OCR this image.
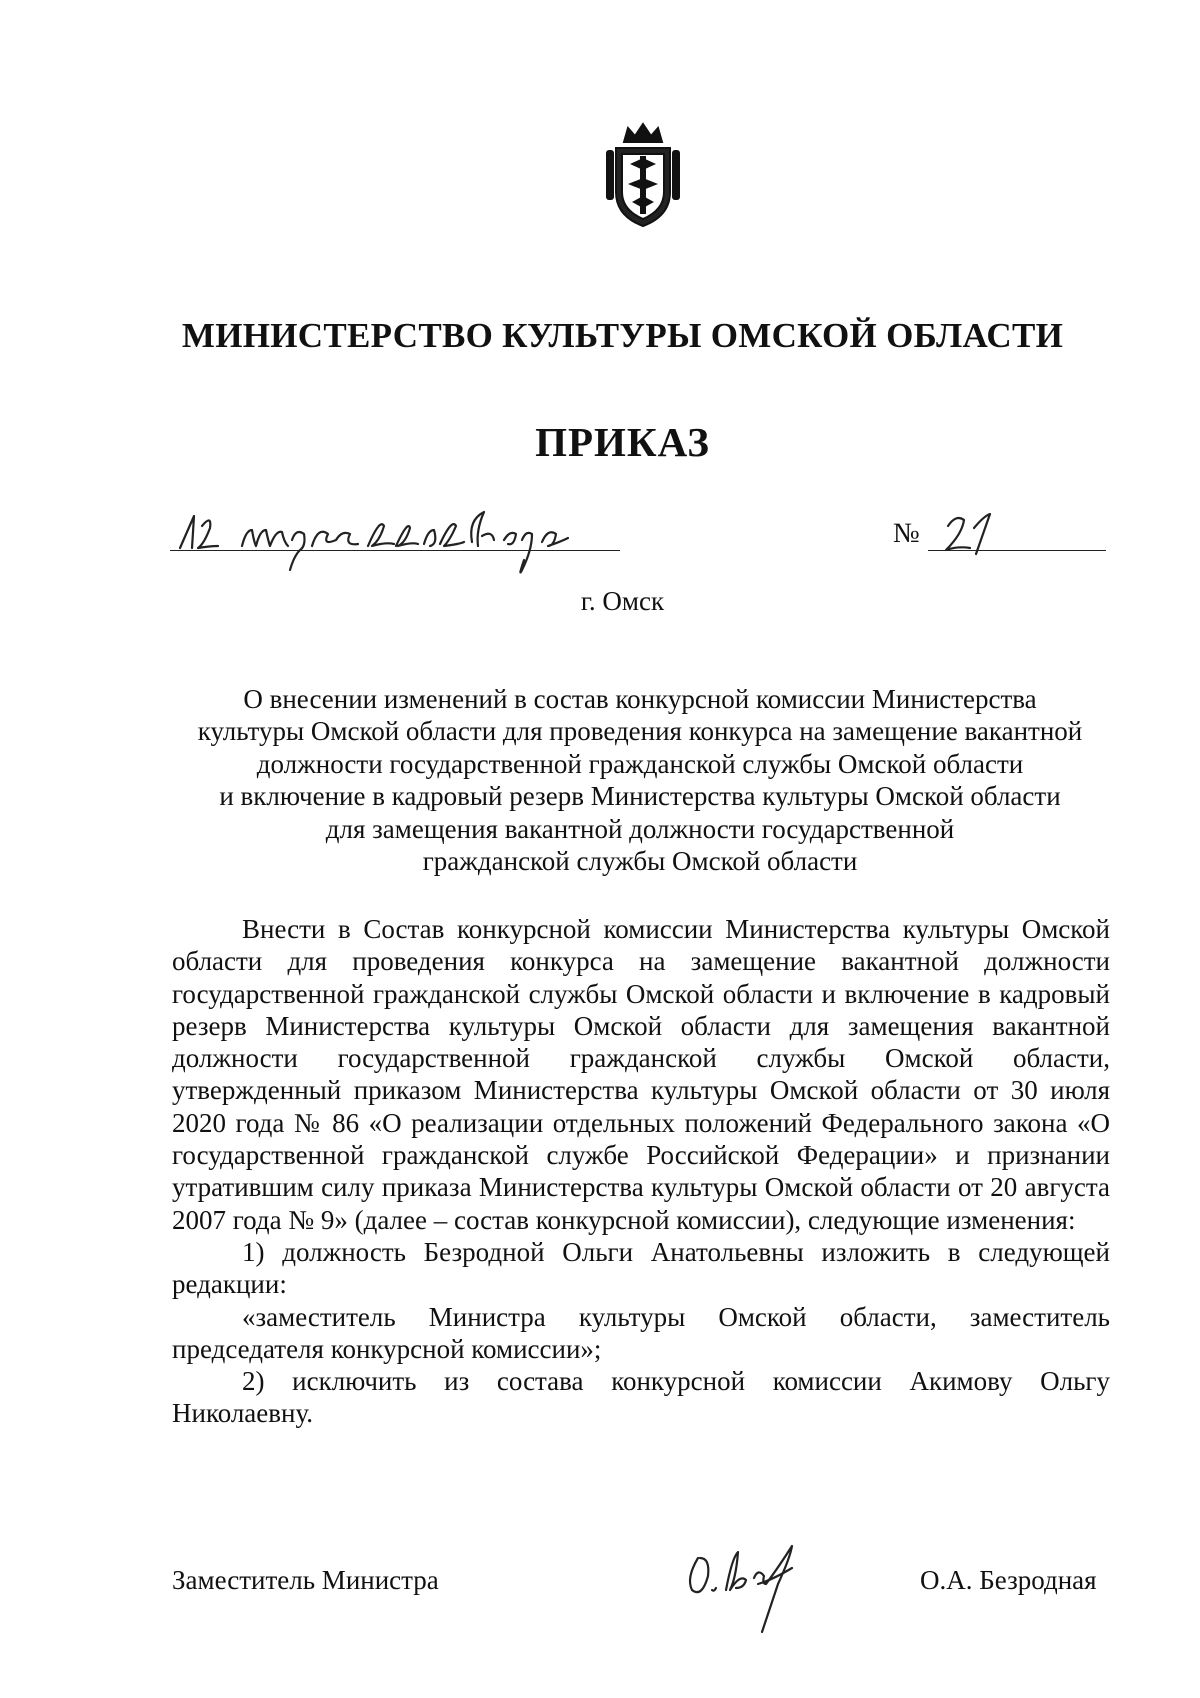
МИНИСТЕРСТВО КУЛЬТУРЫ ОМСКОЙ ОБЛАСТИ
ПРИКАЗ
№
г. Омск
О внесении изменений в состав конкурсной комиссии Министерства
культуры Омской области для проведения конкурса на замещение вакантной
должности государственной гражданской службы Омской области
и включение в кадровый резерв Министерства культуры Омской области
для замещения вакантной должности государственной
гражданской службы Омской области

Внести в Состав конкурсной комиссии Министерства культуры Омской области для проведения конкурса на замещение вакантной должности государственной гражданской службы Омской области и включение в кадровый резерв Министерства культуры Омской области для замещения вакантной должности государственной гражданской службы Омской области, утвержденный приказом Министерства культуры Омской области от 30 июля 2020 года № 86 «О реализации отдельных положений Федерального закона «О государственной гражданской службе Российской Федерации» и признании утратившим силу приказа Министерства культуры Омской области от 20 августа 2007 года № 9» (далее – состав конкурсной комиссии), следующие изменения:

1) должность Безродной Ольги Анатольевны изложить в следующей редакции:

«заместитель Министра культуры Омской области, заместитель председателя конкурсной комиссии»;

2) исключить из состава конкурсной комиссии Акимову Ольгу Николаевну.

Заместитель Министра	О.А. Безродная
